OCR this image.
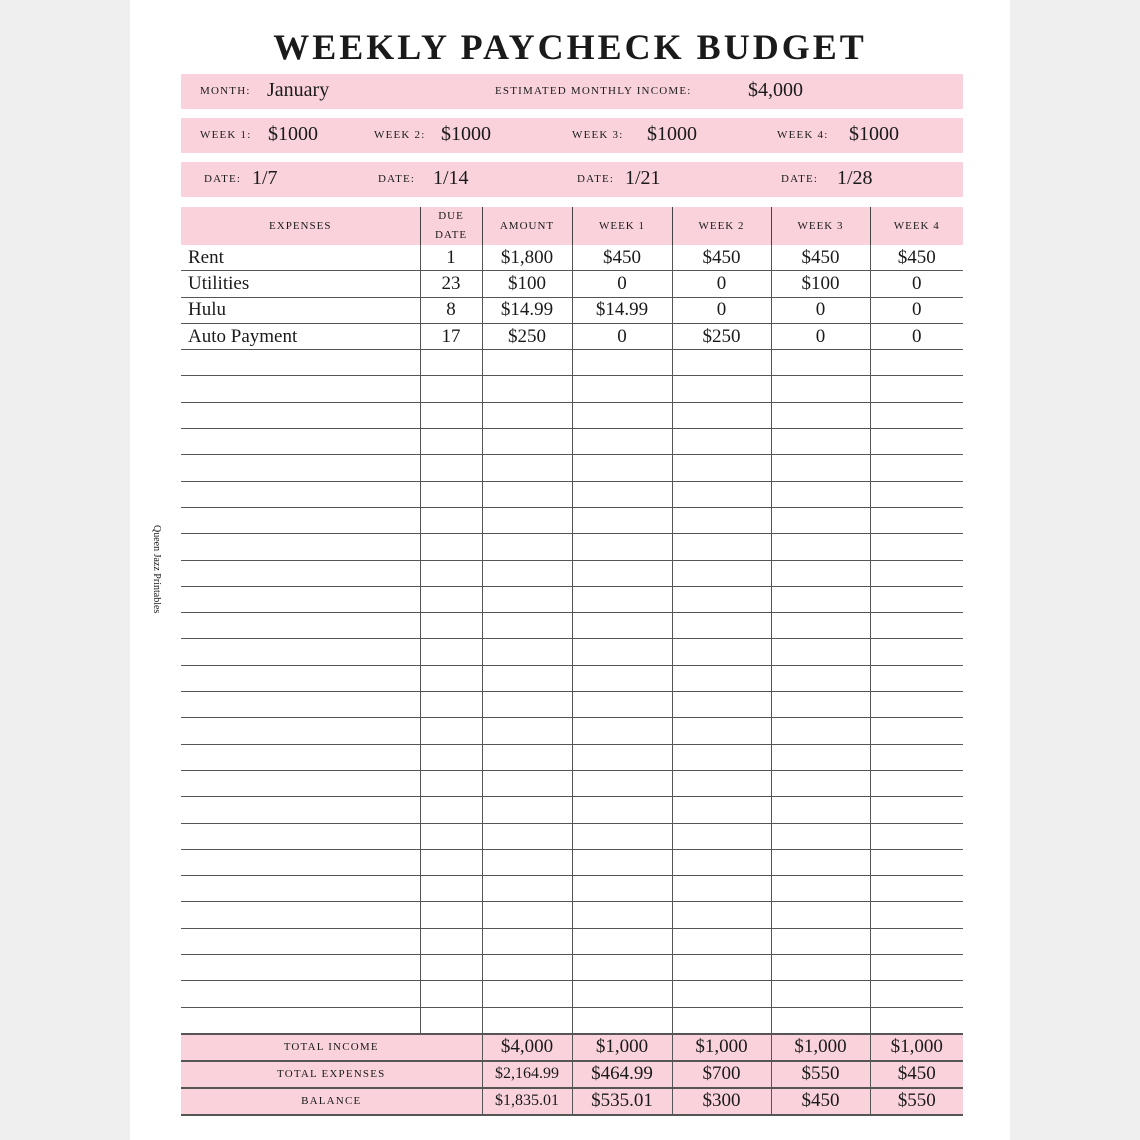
WEEKLY PAYCHECK BUDGET
Queen Jazz Printables
MONTH: January	ESTIMATED MONTHLY INCOME:	$4,000
WEEK 1: $1000	WEEK 2: $1000	WEEK 3: $1000	WEEK 4: $1000
DATE: 1/7	DATE: 1/14	DATE: 1/21	DATE: 1/28
EXPENSES	DUE DATE	AMOUNT	WEEK 1	WEEK 2	WEEK 3	WEEK 4
Rent	1	$1,800	$450	$450	$450	$450
Utilities	23	$100	0	0	$100	0
Hulu	8	$14.99	$14.99	0	0	0
Auto Payment	17	$250	0	$250	0	0

TOTAL INCOME		$4,000	$1,000	$1,000	$1,000	$1,000
TOTAL EXPENSES		$2,164.99	$464.99	$700	$550	$450
BALANCE		$1,835.01	$535.01	$300	$450	$550
